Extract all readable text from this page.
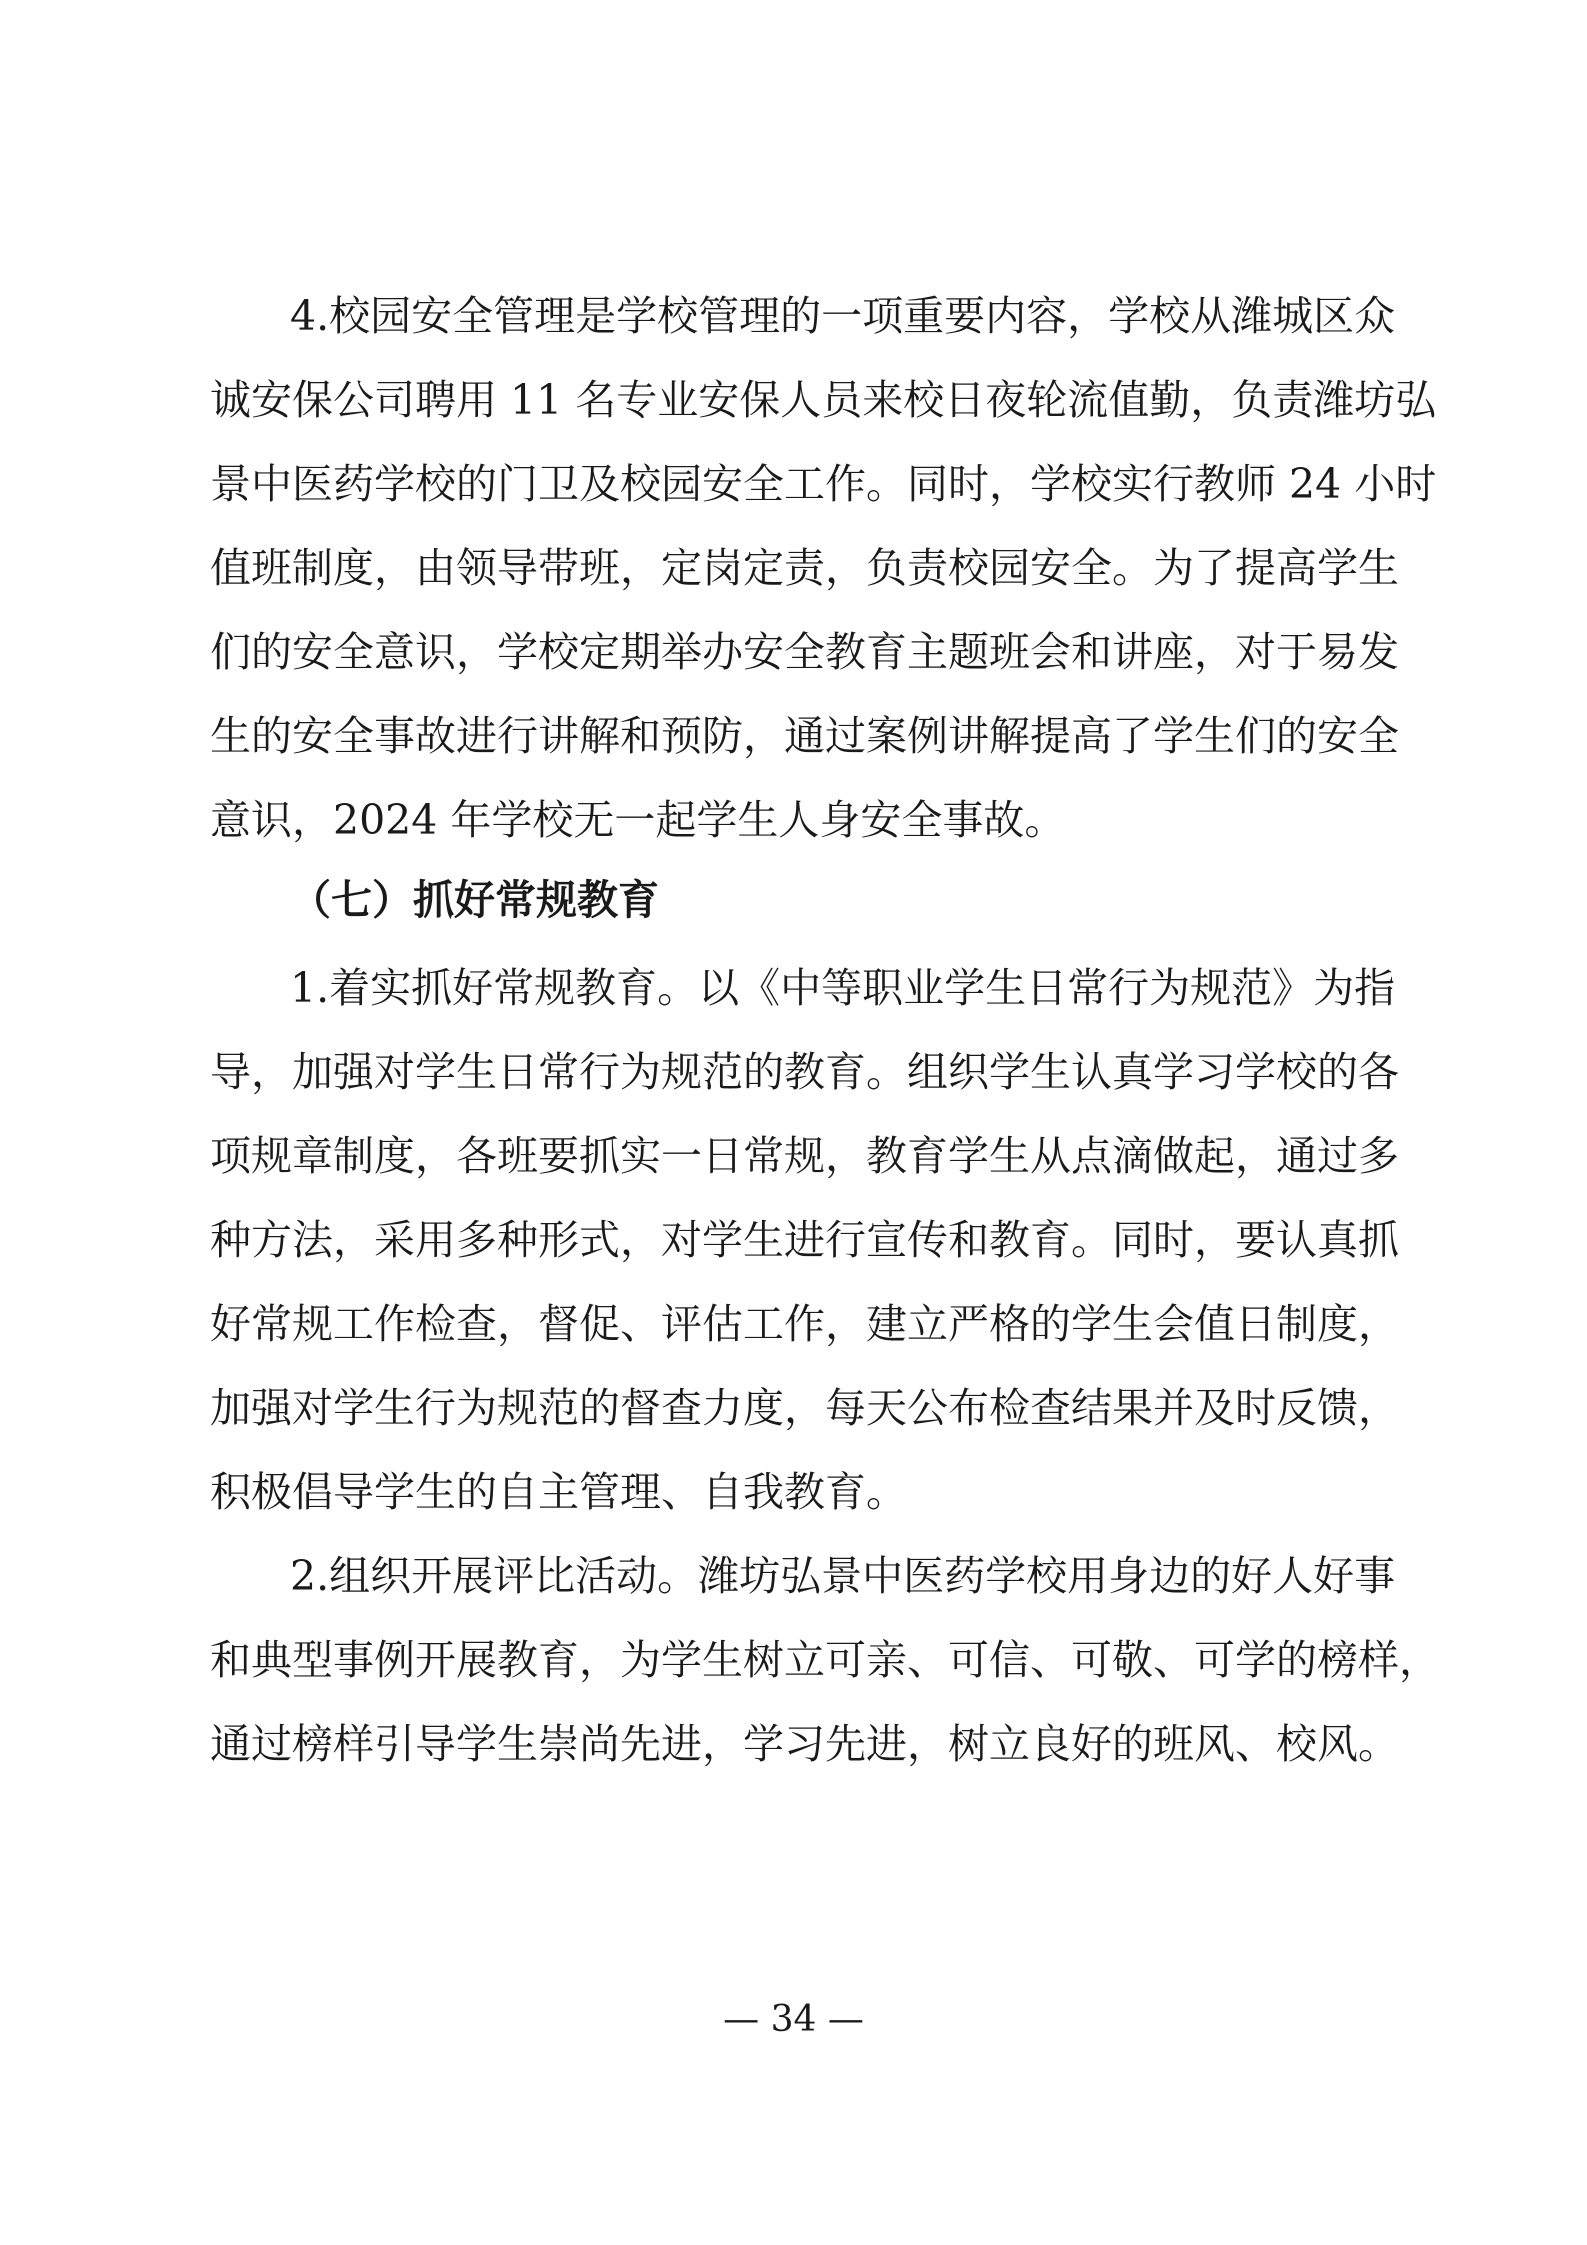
4.校园安全管理是学校管理的一项重要内容，学校从潍城区众
诚安保公司聘用 11 名专业安保人员来校日夜轮流值勤，负责潍坊弘
景中医药学校的门卫及校园安全工作。同时，学校实行教师 24 小时
值班制度，由领导带班，定岗定责，负责校园安全。为了提高学生
们的安全意识，学校定期举办安全教育主题班会和讲座，对于易发
生的安全事故进行讲解和预防，通过案例讲解提高了学生们的安全
意识，2024 年学校无一起学生人身安全事故。
（七）抓好常规教育
1.着实抓好常规教育。以《中等职业学生日常行为规范》为指
导，加强对学生日常行为规范的教育。组织学生认真学习学校的各
项规章制度，各班要抓实一日常规，教育学生从点滴做起，通过多
种方法，采用多种形式，对学生进行宣传和教育。同时，要认真抓
好常规工作检查，督促、评估工作，建立严格的学生会值日制度，
加强对学生行为规范的督查力度，每天公布检查结果并及时反馈，
积极倡导学生的自主管理、自我教育。
2.组织开展评比活动。潍坊弘景中医药学校用身边的好人好事
和典型事例开展教育，为学生树立可亲、可信、可敬、可学的榜样，
通过榜样引导学生崇尚先进，学习先进，树立良好的班风、校风。
— 34 —
